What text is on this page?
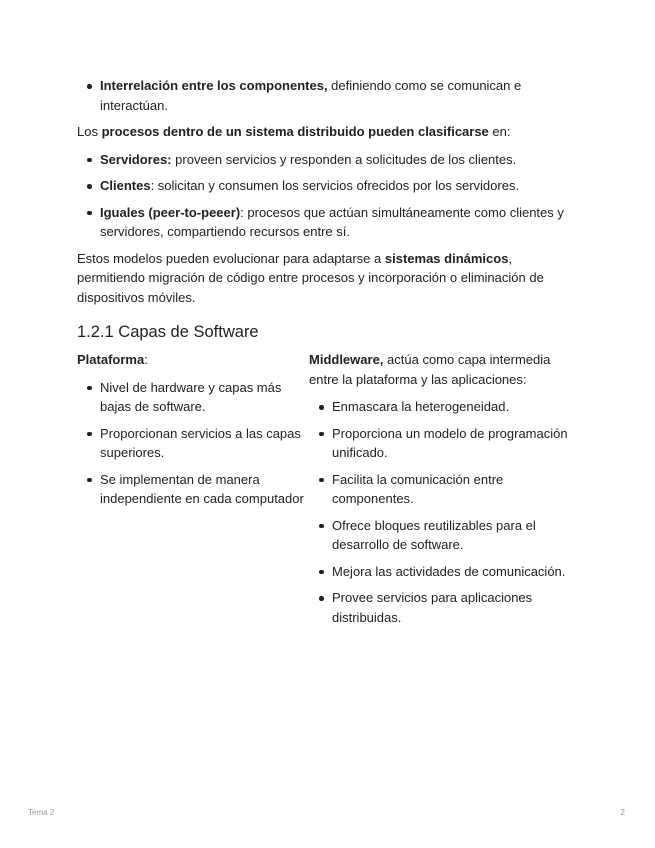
Interrelación entre los componentes, definiendo como se comunican e interactúan.

Los procesos dentro de un sistema distribuido pueden clasificarse en:

Servidores: proveen servicios y responden a solicitudes de los clientes.
Clientes: solicitan y consumen los servicios ofrecidos por los servidores.
Iguales (peer-to-peeer): procesos que actúan simultáneamente como clientes y servidores, compartiendo recursos entre sí.

Estos modelos pueden evolucionar para adaptarse a sistemas dinámicos, permitiendo migración de código entre procesos y incorporación o eliminación de dispositivos móviles.

1.2.1 Capas de Software

Plataforma:

Nivel de hardware y capas más bajas de software.
Proporcionan servicios a las capas superiores.
Se implementan de manera independiente en cada computador

Middleware, actúa como capa intermedia entre la plataforma y las aplicaciones:

Enmascara la heterogeneidad.
Proporciona un modelo de programación unificado.
Facilita la comunicación entre componentes.
Ofrece bloques reutilizables para el desarrollo de software.
Mejora las actividades de comunicación.
Provee servicios para aplicaciones distribuidas.
Tema 2	2
